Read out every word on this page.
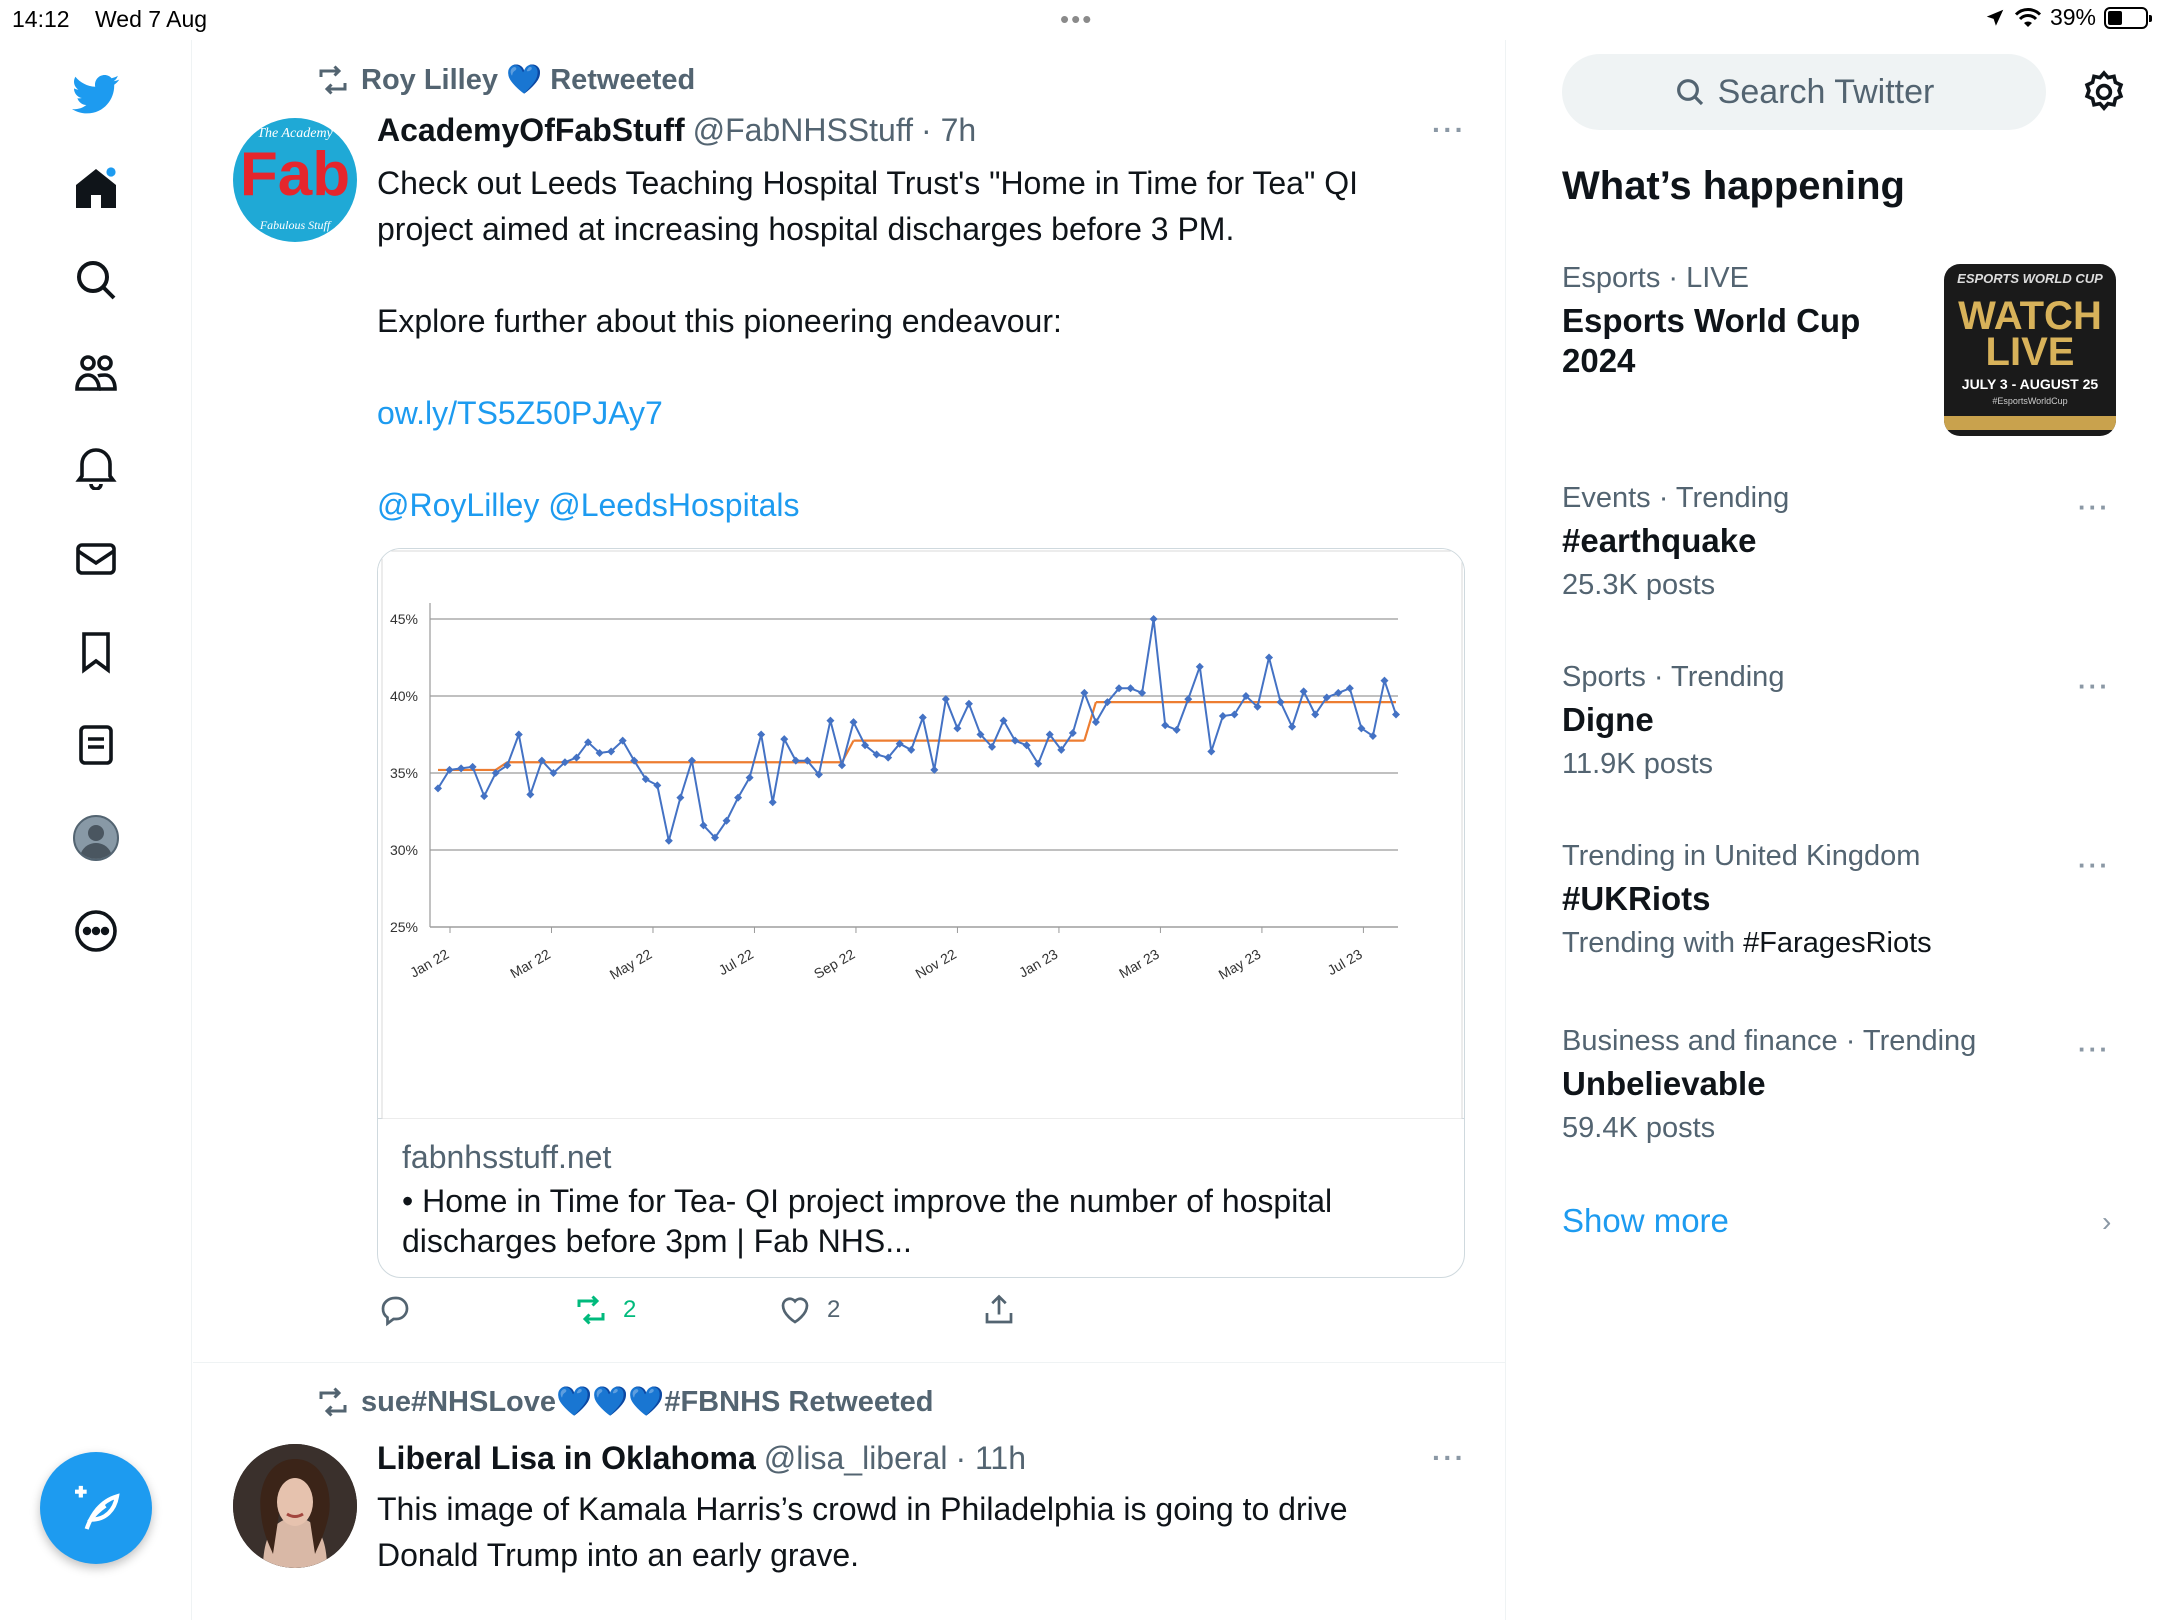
14:12 Wed 7 Aug	•••	39%
Roy Lilley 💙 Retweeted
The Academy
Fab
Fabulous Stuff
AcademyOfFabStuff @FabNHSStuff · 7h	···
Check out Leeds Teaching Hospital Trust's "Home in Time for Tea" QI project aimed at increasing hospital discharges before 3 PM.
Explore further about this pioneering endeavour:
ow.ly/TS5Z50PJAy7
@RoyLilley @LeedsHospitals
45%
40%
35%
30%
25%
Jan 22	Mar 22	May 22	Jul 22	Sep 22	Nov 22	Jan 23	Mar 23	May 23	Jul 23
fabnhsstuff.net
• Home in Time for Tea- QI project improve the number of hospital discharges before 3pm | Fab NHS...
2	2
sue#NHSLove💙💙💙#FBNHS Retweeted
Liberal Lisa in Oklahoma @lisa_liberal · 11h	···
This image of Kamala Harris’s crowd in Philadelphia is going to drive Donald Trump into an early grave.
Search Twitter
What’s happening
Esports · LIVE
Esports World Cup 2024
ESPORTS WORLD CUP
WATCH LIVE
JULY 3 - AUGUST 25
#EsportsWorldCup
Events · Trending
#earthquake
25.3K posts
Sports · Trending
Digne
11.9K posts
Trending in United Kingdom
#UKRiots
Trending with #FaragesRiots
Business and finance · Trending
Unbelievable
59.4K posts
···
···
···
···
Show more	›
